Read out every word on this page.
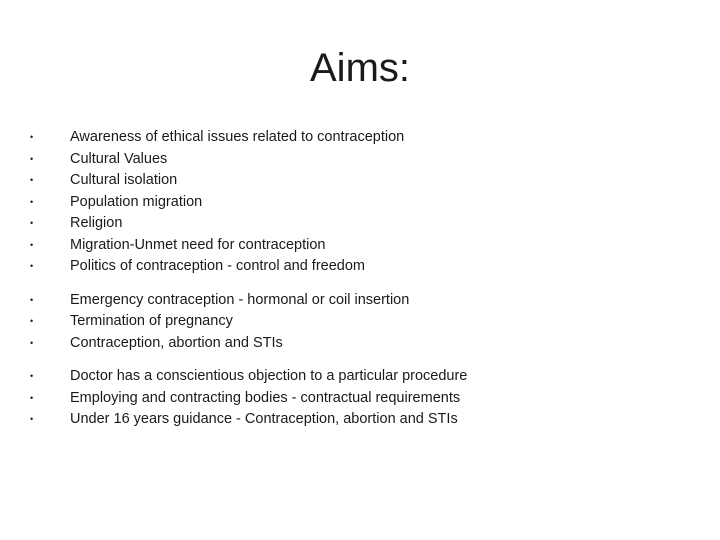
Aims:
•	Awareness of ethical issues related to contraception
•	Cultural Values
•	Cultural isolation
•	Population migration
•	Religion
•	Migration-Unmet need for contraception
•	Politics of contraception - control and freedom
•	Emergency contraception - hormonal or coil insertion
•	Termination of pregnancy
•	Contraception, abortion and STIs
•	Doctor has a conscientious objection to a particular procedure
•	Employing and contracting bodies - contractual requirements
•	Under 16 years guidance - Contraception, abortion and STIs
